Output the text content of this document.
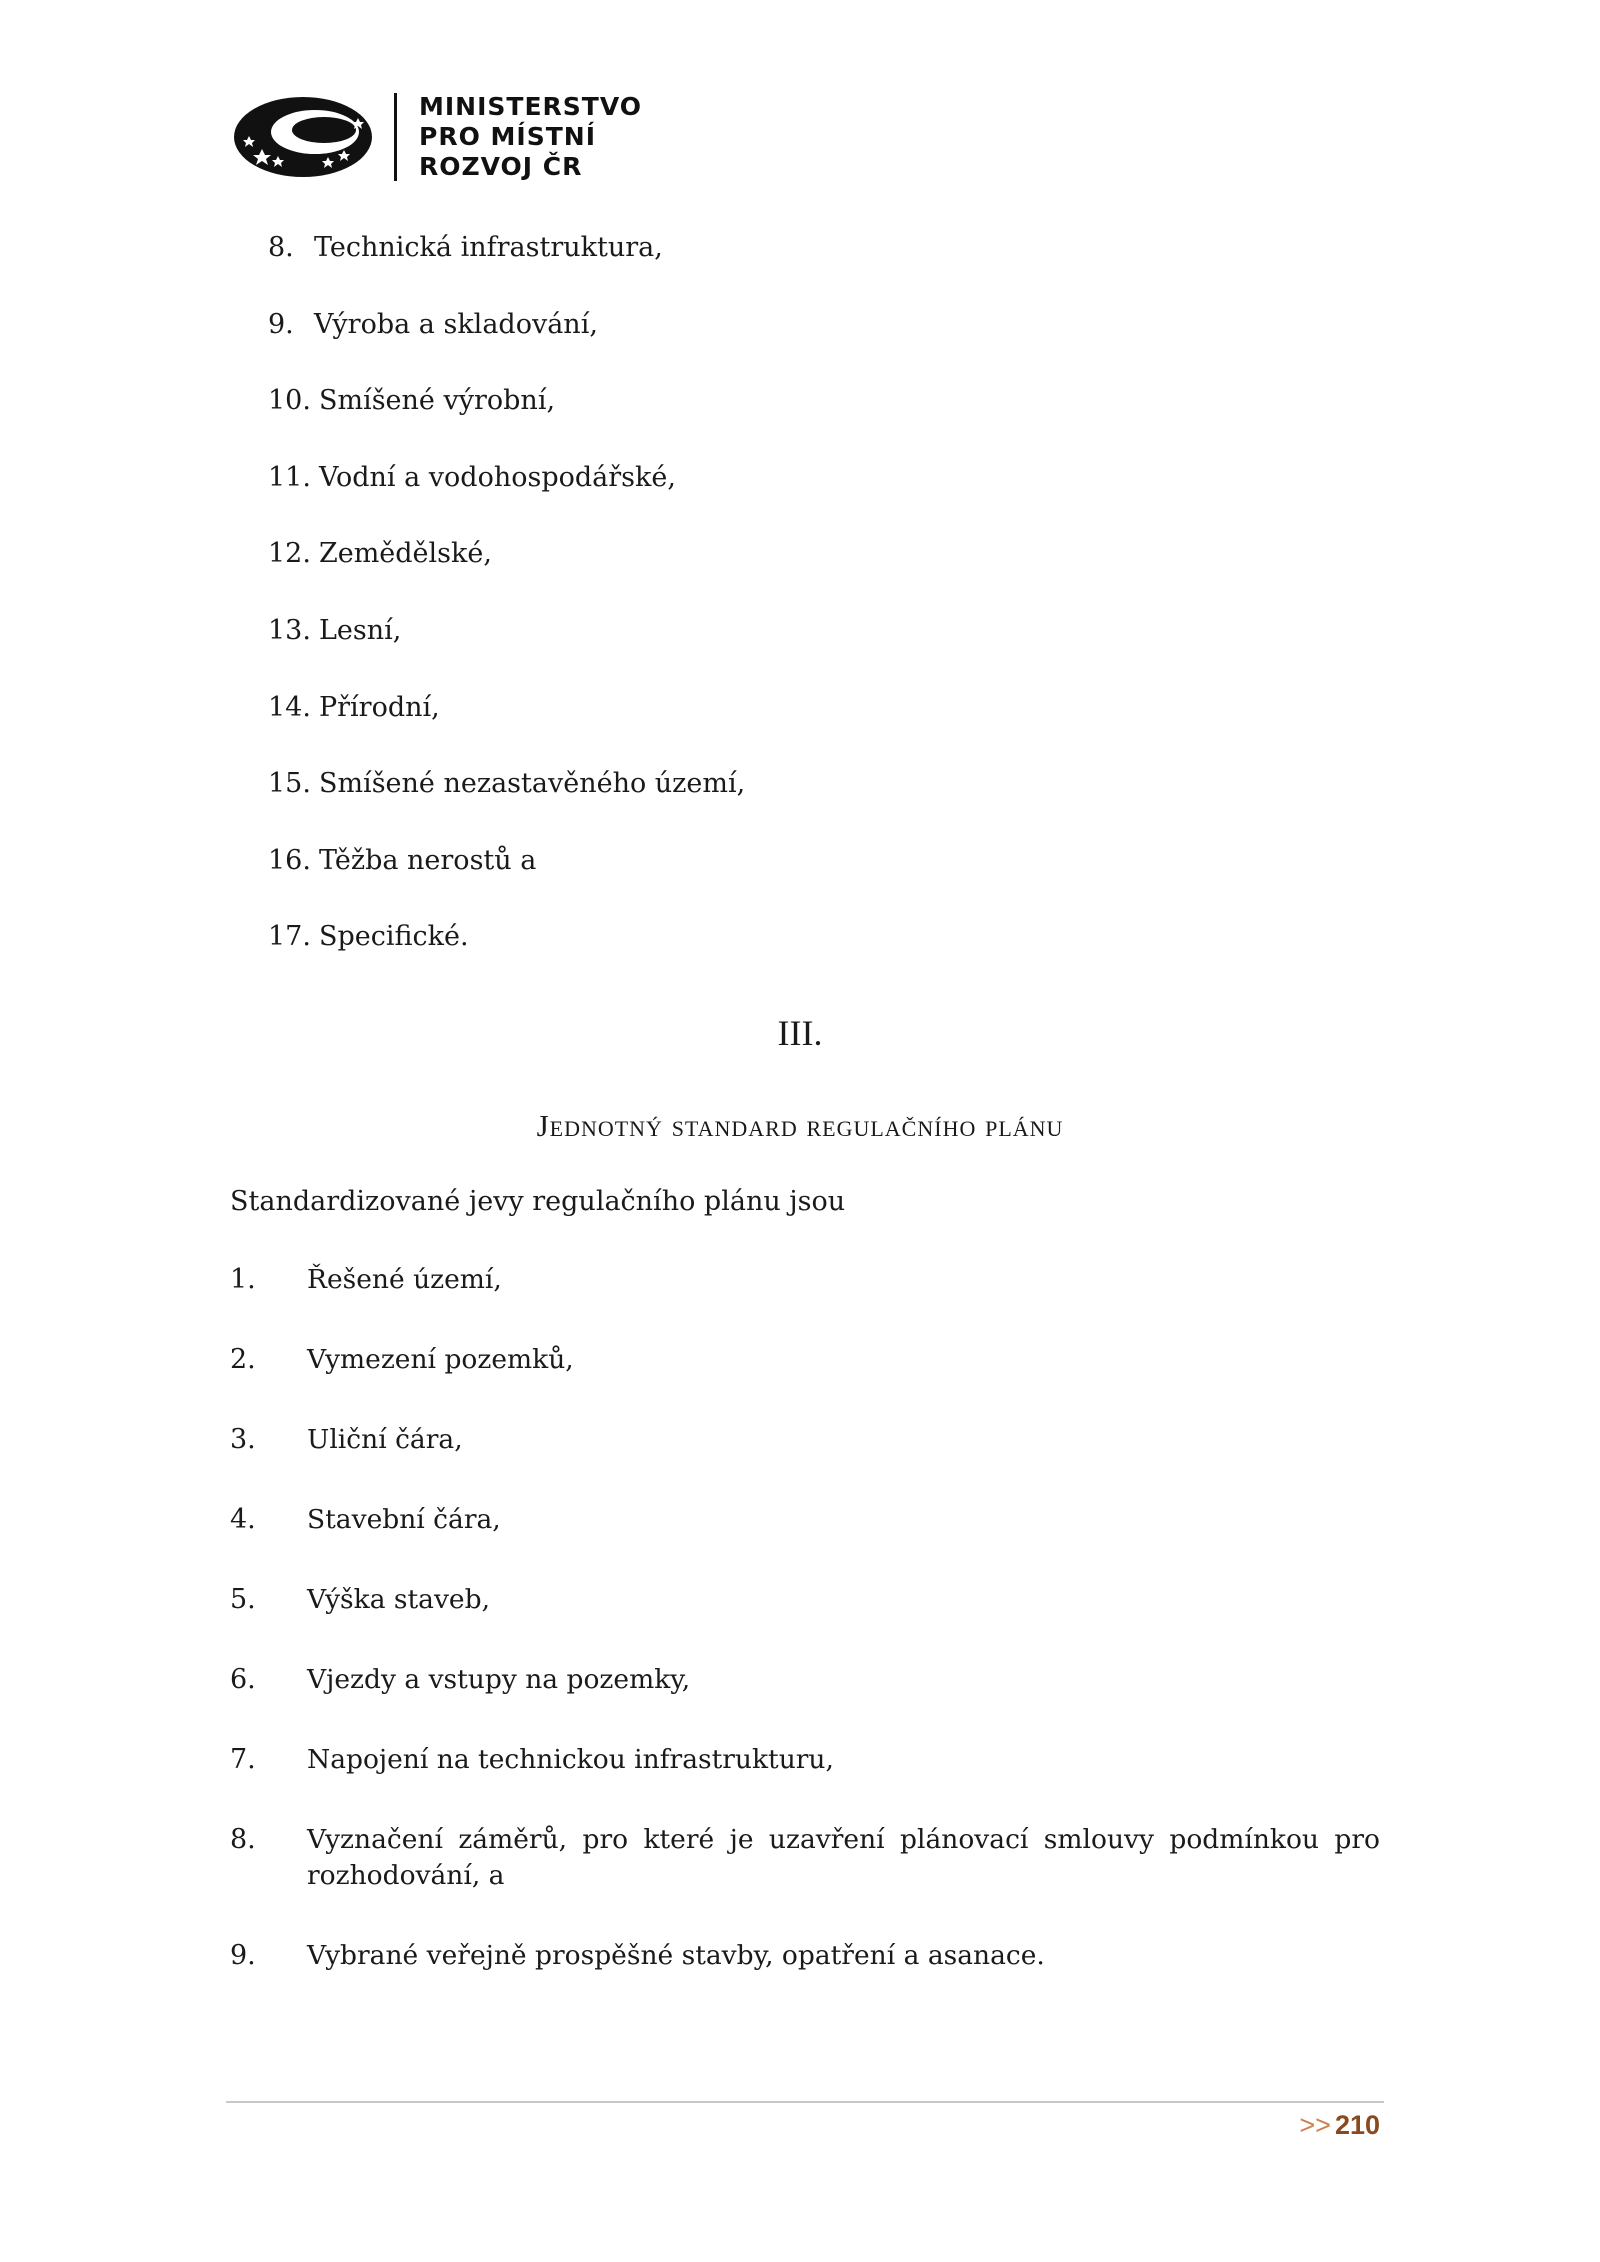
MINISTERSTVO
PRO MÍSTNÍ
ROZVOJ ČR
8. Technická infrastruktura,
9. Výroba a skladování,
10. Smíšené výrobní,
11. Vodní a vodohospodářské,
12. Zemědělské,
13. Lesní,
14. Přírodní,
15. Smíšené nezastavěného území,
16. Těžba nerostů a
17. Specifické.
III.
Jednotný standard regulačního plánu
Standardizované jevy regulačního plánu jsou
1.	Řešené území,
2.	Vymezení pozemků,
3.	Uliční čára,
4.	Stavební čára,
5.	Výška staveb,
6.	Vjezdy a vstupy na pozemky,
7.	Napojení na technickou infrastrukturu,
8.	Vyznačení záměrů, pro které je uzavření plánovací smlouvy podmínkou pro rozhodování, a
9.	Vybrané veřejně prospěšné stavby, opatření a asanace.
>> 210
